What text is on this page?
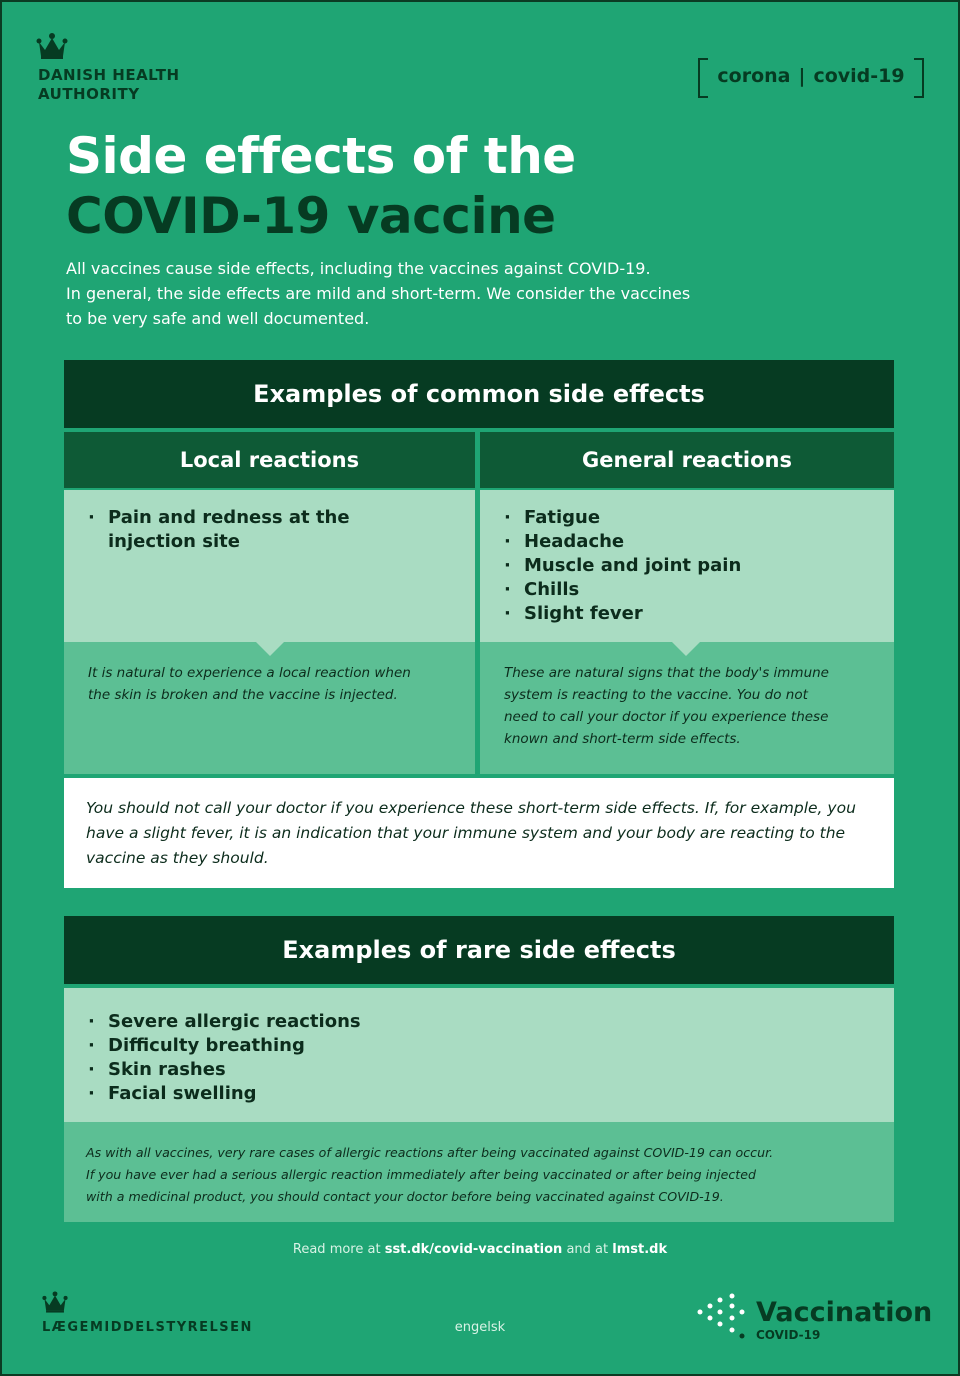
DANISH HEALTH
AUTHORITY
corona | covid-19
Side effects of the
COVID-19 vaccine
All vaccines cause side effects, including the vaccines against COVID-19.
In general, the side effects are mild and short-term. We consider the vaccines
to be very safe and well documented.
Examples of common side effects
Local reactions	General reactions
· Pain and redness at the injection site
· Fatigue
· Headache
· Muscle and joint pain
· Chills
· Slight fever
It is natural to experience a local reaction when
the skin is broken and the vaccine is injected.
These are natural signs that the body's immune
system is reacting to the vaccine. You do not
need to call your doctor if you experience these
known and short-term side effects.
You should not call your doctor if you experience these short-term side effects. If, for example, you
have a slight fever, it is an indication that your immune system and your body are reacting to the
vaccine as they should.
Examples of rare side effects
· Severe allergic reactions
· Difficulty breathing
· Skin rashes
· Facial swelling
As with all vaccines, very rare cases of allergic reactions after being vaccinated against COVID-19 can occur.
If you have ever had a serious allergic reaction immediately after being vaccinated or after being injected
with a medicinal product, you should contact your doctor before being vaccinated against COVID-19.
Read more at sst.dk/covid-vaccination and at lmst.dk
LÆGEMIDDELSTYRELSEN	engelsk	Vaccination
COVID-19
